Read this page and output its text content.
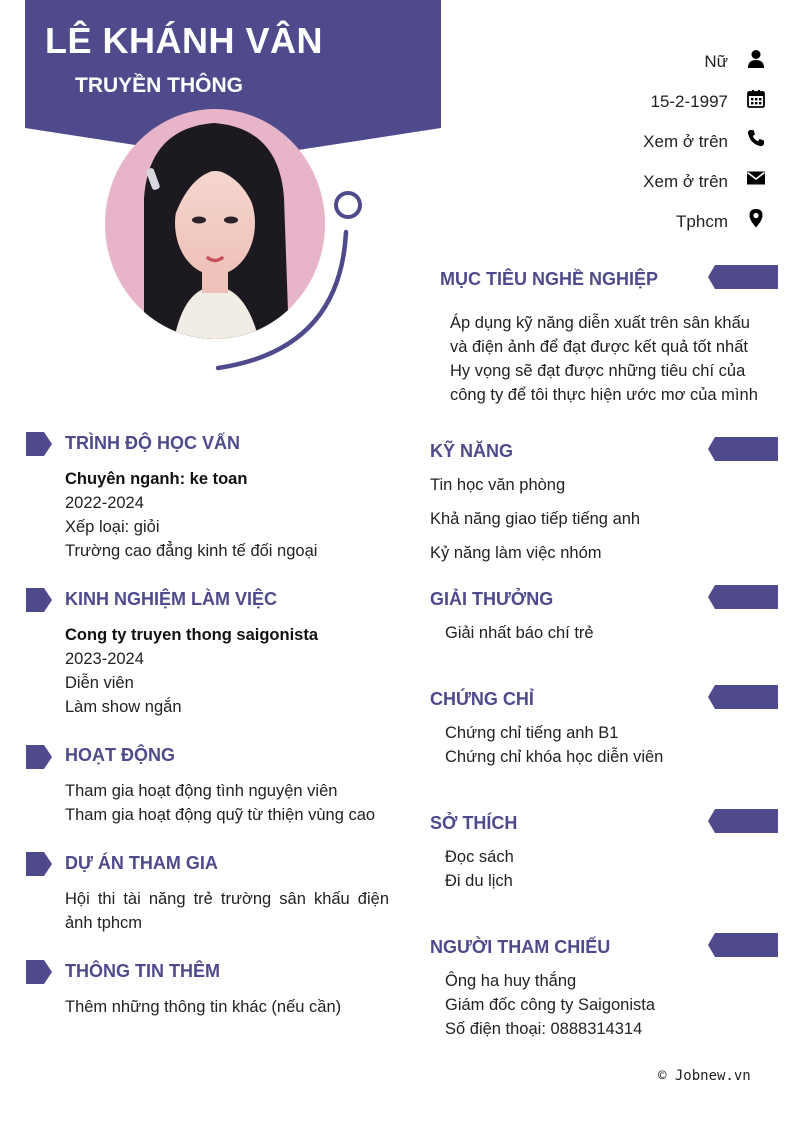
LÊ KHÁNH VÂN
TRUYỀN THÔNG
Nữ
15-2-1997
Xem ở trên
Xem ở trên
Tphcm
MỤC TIÊU NGHỀ NGHIỆP
Áp dụng kỹ năng diễn xuất trên sân khấu
và điện ảnh để đạt được kết quả tốt nhất
Hy vọng sẽ đạt được những tiêu chí của
công ty để tôi thực hiện ước mơ của mình
TRÌNH ĐỘ HỌC VẤN
Chuyên nganh: ke toan
2022-2024
Xếp loại: giỏi
Trường cao đẳng kinh tế đối ngoại
KINH NGHIỆM LÀM VIỆC
Cong ty truyen thong saigonista
2023-2024
Diễn viên
Làm show ngắn
HOẠT ĐỘNG
Tham gia hoạt động tình nguyện viên
Tham gia hoạt động quỹ từ thiện vùng cao
DỰ ÁN THAM GIA
Hội thi tài năng trẻ trường sân khấu điện ảnh tphcm
THÔNG TIN THÊM
Thêm những thông tin khác (nếu cần)
KỸ NĂNG
Tin học văn phòng
Khả năng giao tiếp tiếng anh
Kỷ năng làm việc nhóm
GIẢI THƯỞNG
Giải nhất báo chí trẻ
CHỨNG CHỈ
Chứng chỉ tiếng anh B1
Chứng chỉ khóa học diễn viên
SỞ THÍCH
Đọc sách
Đi du lịch
NGƯỜI THAM CHIẾU
Ông ha huy thắng
Giám đốc công ty Saigonista
Số điện thoại: 0888314314
© Jobnew.vn
